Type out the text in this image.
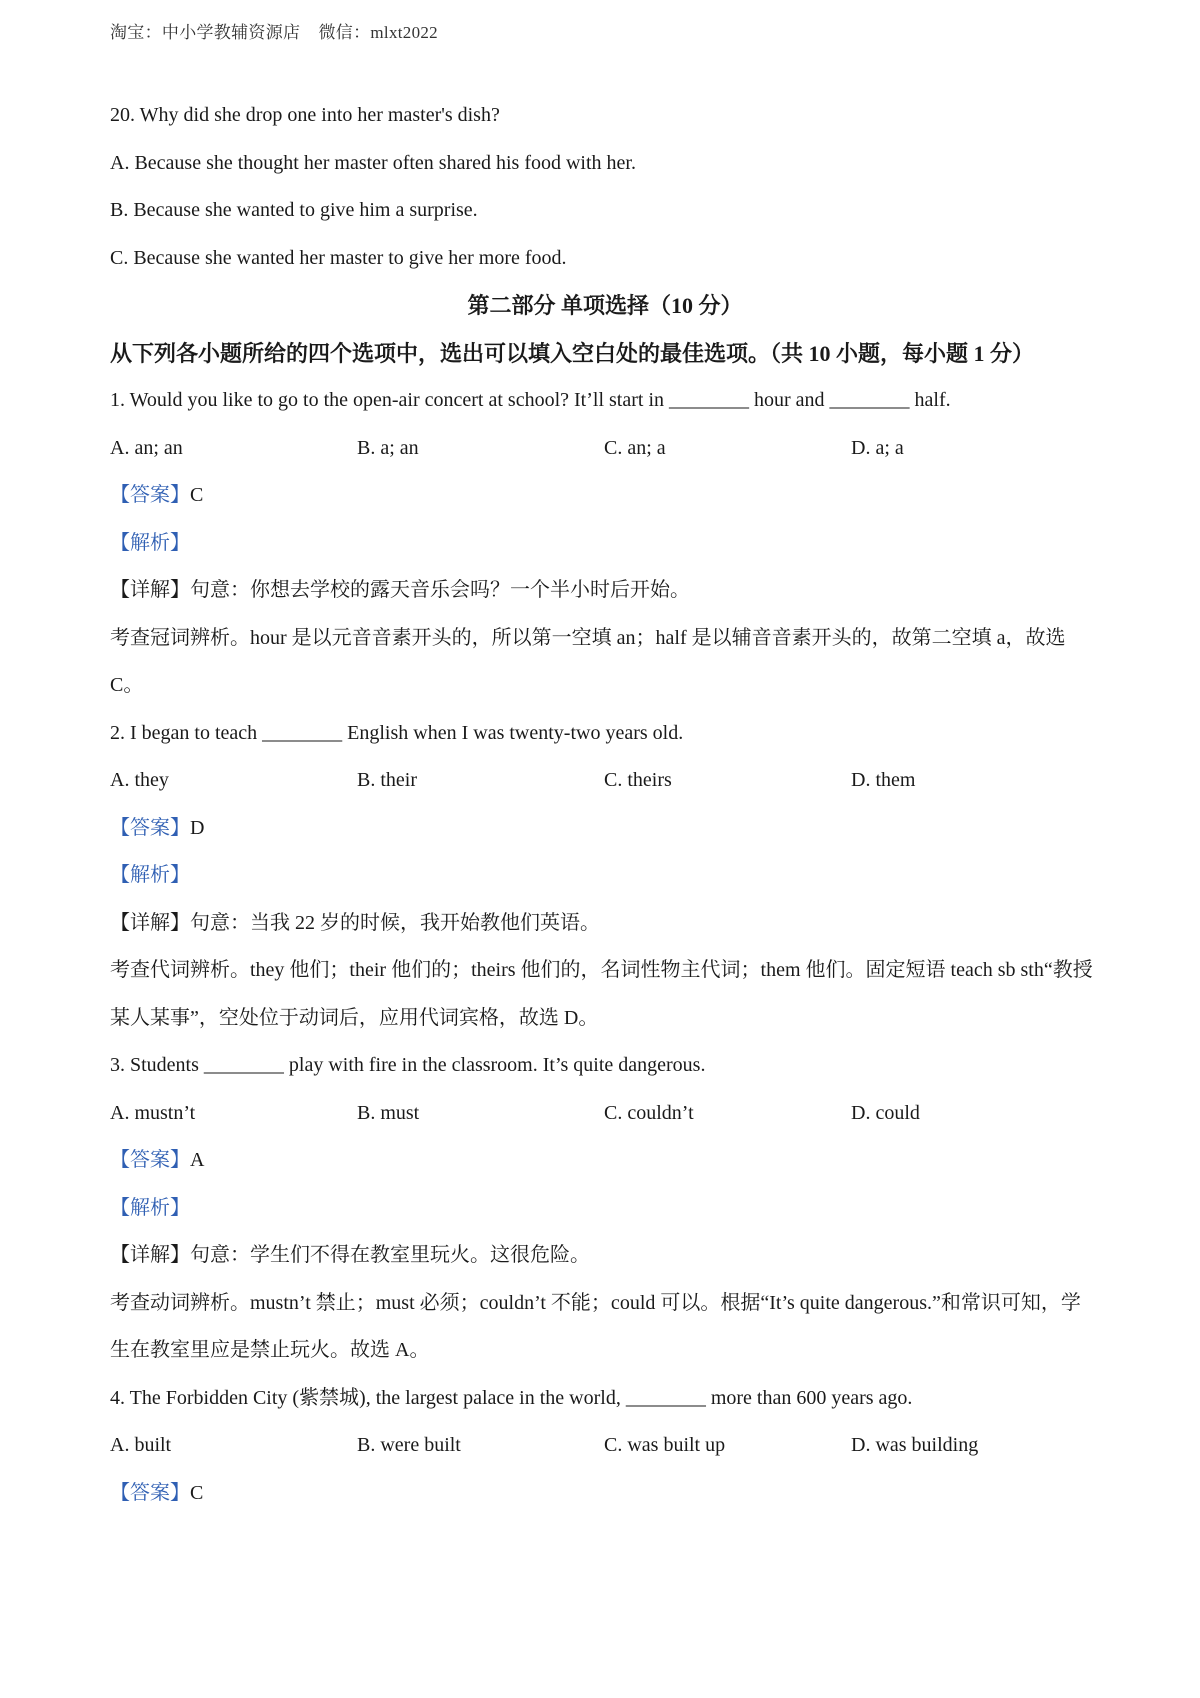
淘宝：中小学教辅资源店    微信：mlxt2022
20. Why did she drop one into her master's dish?
A. Because she thought her master often shared his food with her.
B. Because she wanted to give him a surprise.
C. Because she wanted her master to give her more food.
第二部分 单项选择（10 分）
从下列各小题所给的四个选项中，选出可以填入空白处的最佳选项。（共 10 小题，每小题 1 分）
1. Would you like to go to the open-air concert at school? It’ll start in ________ hour and ________ half.
A. an; an	B. a; an	C. an; a	D. a; a
【答案】C
【解析】
【详解】句意：你想去学校的露天音乐会吗？一个半小时后开始。
考查冠词辨析。hour 是以元音音素开头的，所以第一空填 an；half 是以辅音音素开头的，故第二空填 a，故选 C。
2. I began to teach ________ English when I was twenty-two years old.
A. they	B. their	C. theirs	D. them
【答案】D
【解析】
【详解】句意：当我 22 岁的时候，我开始教他们英语。
考查代词辨析。they 他们；their 他们的；theirs 他们的，名词性物主代词；them 他们。固定短语 teach sb sth“教授某人某事”，空处位于动词后，应用代词宾格，故选 D。
3. Students ________ play with fire in the classroom. It’s quite dangerous.
A. mustn’t	B. must	C. couldn’t	D. could
【答案】A
【解析】
【详解】句意：学生们不得在教室里玩火。这很危险。
考查动词辨析。mustn’t 禁止；must 必须；couldn’t 不能；could 可以。根据“It’s quite dangerous.”和常识可知，学生在教室里应是禁止玩火。故选 A。
4. The Forbidden City (紫禁城), the largest palace in the world, ________ more than 600 years ago.
A. built	B. were built	C. was built up	D. was building
【答案】C
